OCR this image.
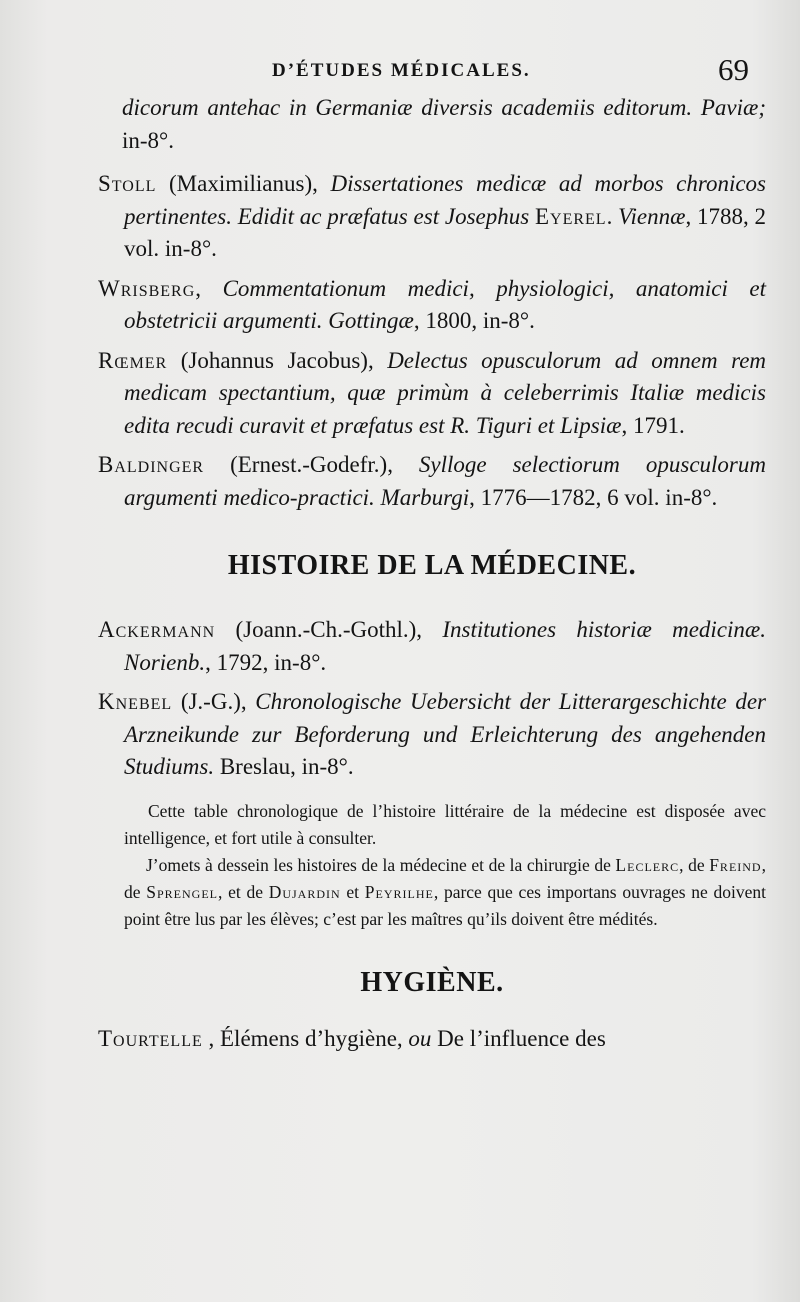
D’ÉTUDES MÉDICALES.	69

dicorum antehac in Germaniæ diversis academiis editorum. Paviæ; in-8°.

Stoll (Maximilianus), Dissertationes medicæ ad morbos chronicos pertinentes. Edidit ac præfatus est Josephus Eyerel. Viennæ, 1788, 2 vol. in-8°.

Wrisberg, Commentationum medici, physiologici, anatomici et obstetricii argumenti. Gottingæ, 1800, in-8°.

Rœmer (Johannus Jacobus), Delectus opusculorum ad omnem rem medicam spectantium, quæ primùm à celeberrimis Italiæ medicis edita recudi curavit et præfatus est R. Tiguri et Lipsiæ, 1791.

Baldinger (Ernest.-Godefr.), Sylloge selectiorum opusculorum argumenti medico-practici. Marburgi, 1776—1782, 6 vol. in-8°.

HISTOIRE DE LA MÉDECINE.

Ackermann (Joann.-Ch.-Gothl.), Institutiones historiæ medicinæ. Norienb., 1792, in-8°.

Knebel (J.-G.), Chronologische Uebersicht der Litterargeschichte der Arzneikunde zur Beforderung und Erleichterung des angehenden Studiums. Breslau, in-8°.

Cette table chronologique de l’histoire littéraire de la médecine est disposée avec intelligence, et fort utile à consulter.

J’omets à dessein les histoires de la médecine et de la chirurgie de Leclerc, de Freind, de Sprengel, et de Dujardin et Peyrilhe, parce que ces importans ouvrages ne doivent point être lus par les élèves; c’est par les maîtres qu’ils doivent être médités.

HYGIÈNE.

Tourtelle , Élémens d’hygiène, ou De l’influence des
